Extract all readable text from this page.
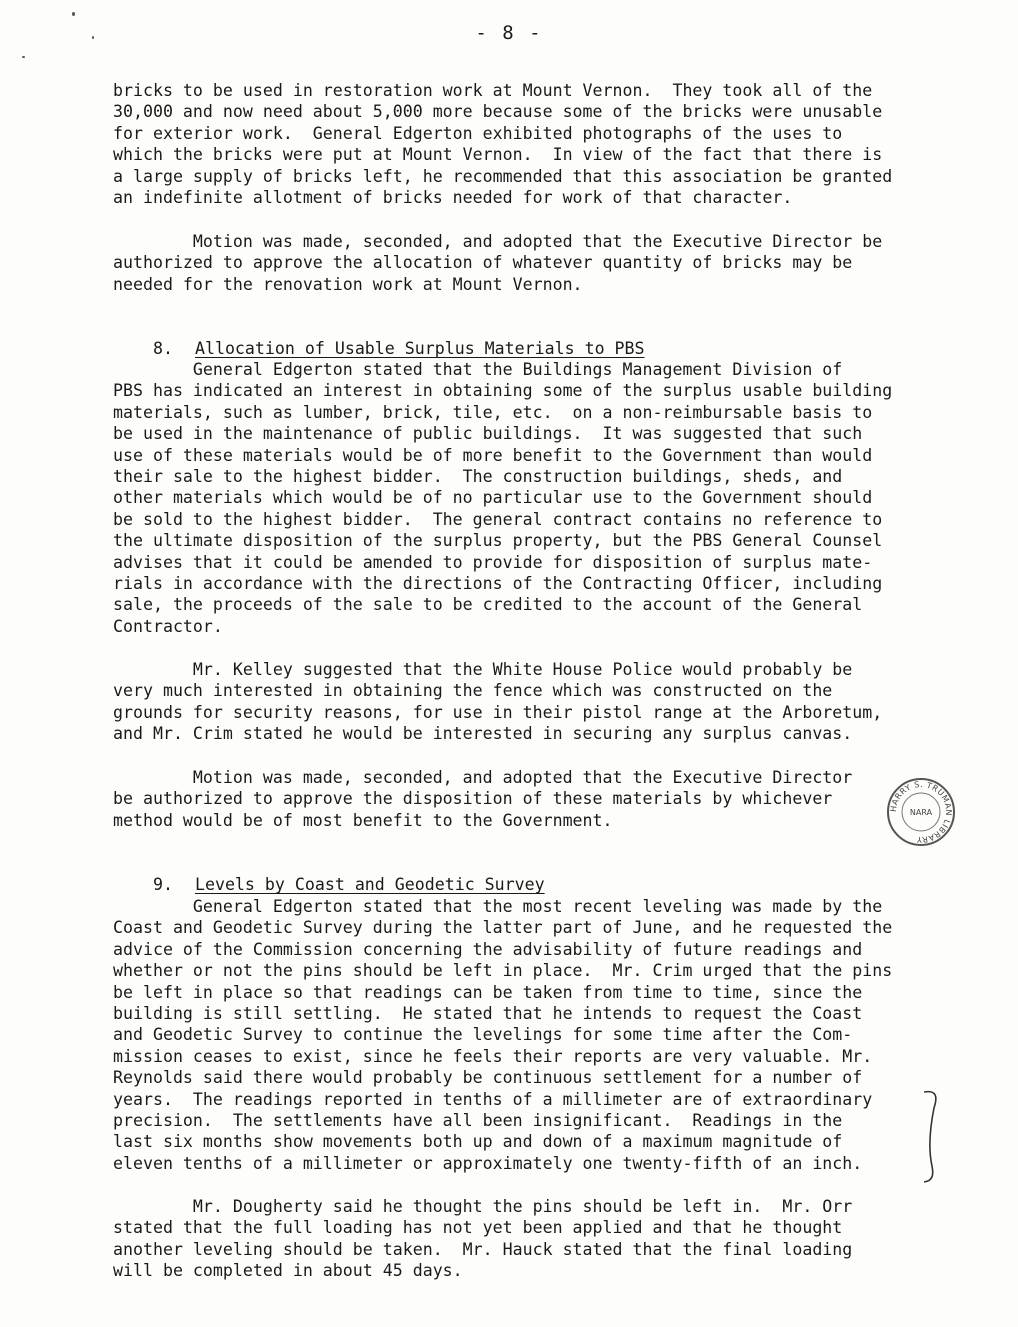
- 8 -

bricks to be used in restoration work at Mount Vernon.  They took all of the
30,000 and now need about 5,000 more because some of the bricks were unusable
for exterior work.  General Edgerton exhibited photographs of the uses to
which the bricks were put at Mount Vernon.  In view of the fact that there is
a large supply of bricks left, he recommended that this association be granted
an indefinite allotment of bricks needed for work of that character.

Motion was made, seconded, and adopted that the Executive Director be
authorized to approve the allocation of whatever quantity of bricks may be
needed for the renovation work at Mount Vernon.

8. Allocation of Usable Surplus Materials to PBS

General Edgerton stated that the Buildings Management Division of
PBS has indicated an interest in obtaining some of the surplus usable building
materials, such as lumber, brick, tile, etc.  on a non-reimbursable basis to
be used in the maintenance of public buildings.  It was suggested that such
use of these materials would be of more benefit to the Government than would
their sale to the highest bidder.  The construction buildings, sheds, and
other materials which would be of no particular use to the Government should
be sold to the highest bidder.  The general contract contains no reference to
the ultimate disposition of the surplus property, but the PBS General Counsel
advises that it could be amended to provide for disposition of surplus mate-
rials in accordance with the directions of the Contracting Officer, including
sale, the proceeds of the sale to be credited to the account of the General
Contractor.

Mr. Kelley suggested that the White House Police would probably be
very much interested in obtaining the fence which was constructed on the
grounds for security reasons, for use in their pistol range at the Arboretum,
and Mr. Crim stated he would be interested in securing any surplus canvas.

Motion was made, seconded, and adopted that the Executive Director
be authorized to approve the disposition of these materials by whichever
method would be of most benefit to the Government.

9. Levels by Coast and Geodetic Survey

General Edgerton stated that the most recent leveling was made by the
Coast and Geodetic Survey during the latter part of June, and he requested the
advice of the Commission concerning the advisability of future readings and
whether or not the pins should be left in place.  Mr. Crim urged that the pins
be left in place so that readings can be taken from time to time, since the
building is still settling.  He stated that he intends to request the Coast
and Geodetic Survey to continue the levelings for some time after the Com-
mission ceases to exist, since he feels their reports are very valuable. Mr.
Reynolds said there would probably be continuous settlement for a number of
years.  The readings reported in tenths of a millimeter are of extraordinary
precision.  The settlements have all been insignificant.  Readings in the
last six months show movements both up and down of a maximum magnitude of
eleven tenths of a millimeter or approximately one twenty-fifth of an inch.

Mr. Dougherty said he thought the pins should be left in.  Mr. Orr
stated that the full loading has not yet been applied and that he thought
another leveling should be taken.  Mr. Hauck stated that the final loading
will be completed in about 45 days.

HARRY S. TRUMAN LIBRARY
NARA
